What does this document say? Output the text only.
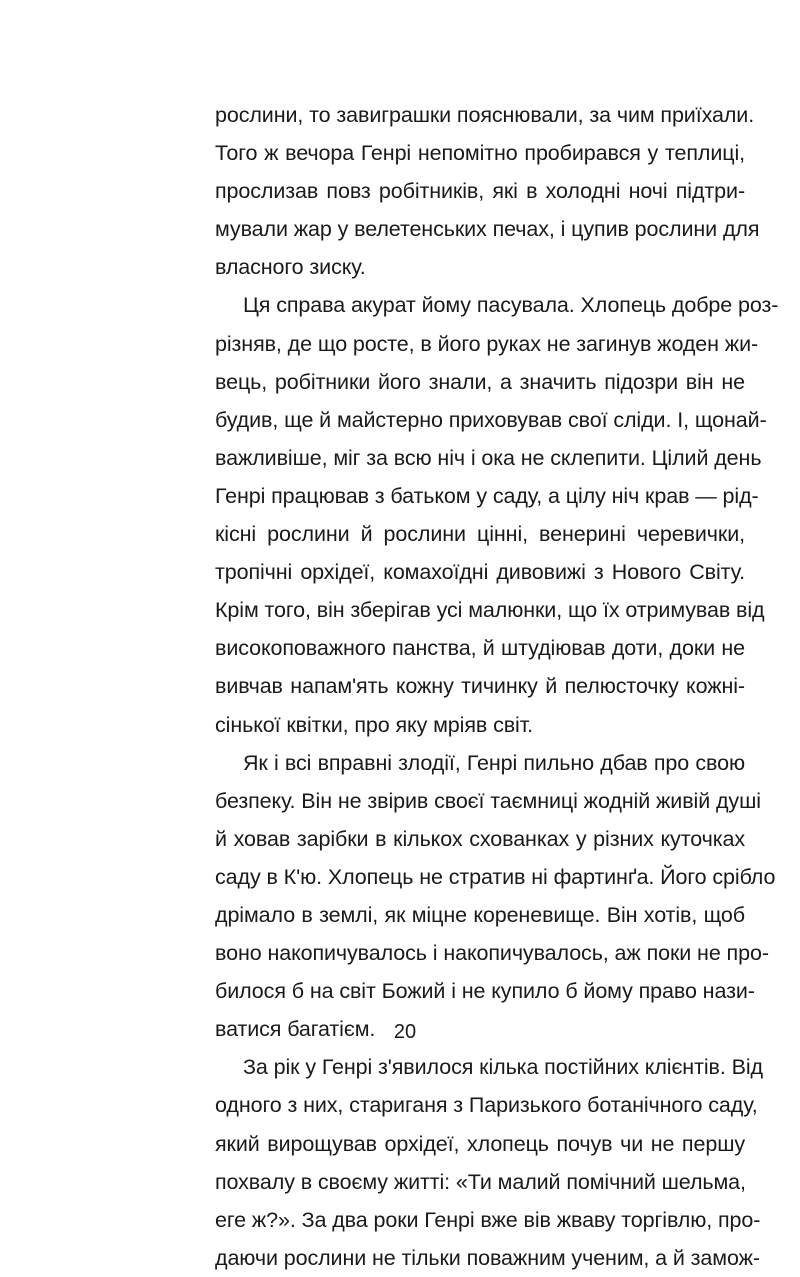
рослини, то завиграшки пояснювали, за чим приїхали.
Того ж вечора Генрі непомітно пробирався у теплиці,
прослизав повз робітників, які в холодні ночі підтри-
мували жар у велетенських печах, і цупив рослини для
власного зиску.
Ця справа акурат йому пасувала. Хлопець добре роз-
різняв, де що росте, в його руках не загинув жоден жи-
вець, робітники його знали, а значить підозри він не
будив, ще й майстерно приховував свої сліди. І, щонай-
важливіше, міг за всю ніч і ока не склепити. Цілий день
Генрі працював з батьком у саду, а цілу ніч крав — рід-
кісні рослини й рослини цінні, венерині черевички,
тропічні орхідеї, комахоїдні дивовижі з Нового Світу.
Крім того, він зберігав усі малюнки, що їх отримував від
високоповажного панства, й штудіював доти, доки не
вивчав напам'ять кожну тичинку й пелюсточку кожні-
сінької квітки, про яку мріяв світ.
Як і всі вправні злодії, Генрі пильно дбав про свою
безпеку. Він не звірив своєї таємниці жодній живій душі
й ховав зарібки в кількох схованках у різних куточках
саду в К'ю. Хлопець не стратив ні фартинґа. Його срібло
дрімало в землі, як міцне кореневище. Він хотів, щоб
воно накопичувалось і накопичувалось, аж поки не про-
билося б на світ Божий і не купило б йому право нази-
ватися багатієм.
За рік у Генрі з'явилося кілька постійних клієнтів. Від
одного з них, стариганя з Паризького ботанічного саду,
який вирощував орхідеї, хлопець почув чи не першу
похвалу в своєму житті: «Ти малий помічний шельма,
еге ж?». За два роки Генрі вже вів жваву торгівлю, про-
даючи рослини не тільки поважним ученим, а й замож-
20
